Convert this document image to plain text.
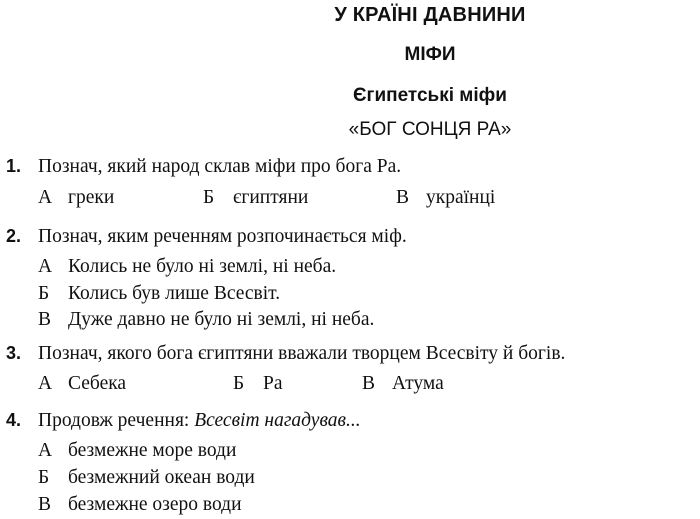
У КРАЇНІ ДАВНИНИ
МІФИ
Єгипетські міфи
«БОГ СОНЦЯ РА»
1. Познач, який народ склав міфи про бога Ра.
А греки	Б єгиптяни	В українці
2. Познач, яким реченням розпочинається міф.
А Колись не було ні землі, ні неба.
Б Колись був лише Всесвіт.
В Дуже давно не було ні землі, ні неба.
3. Познач, якого бога єгиптяни вважали творцем Всесвіту й богів.
А Себека	Б Ра	В Атума
4. Продовж речення: Всесвіт нагадував...
А безмежне море води
Б безмежний океан води
В безмежне озеро води
